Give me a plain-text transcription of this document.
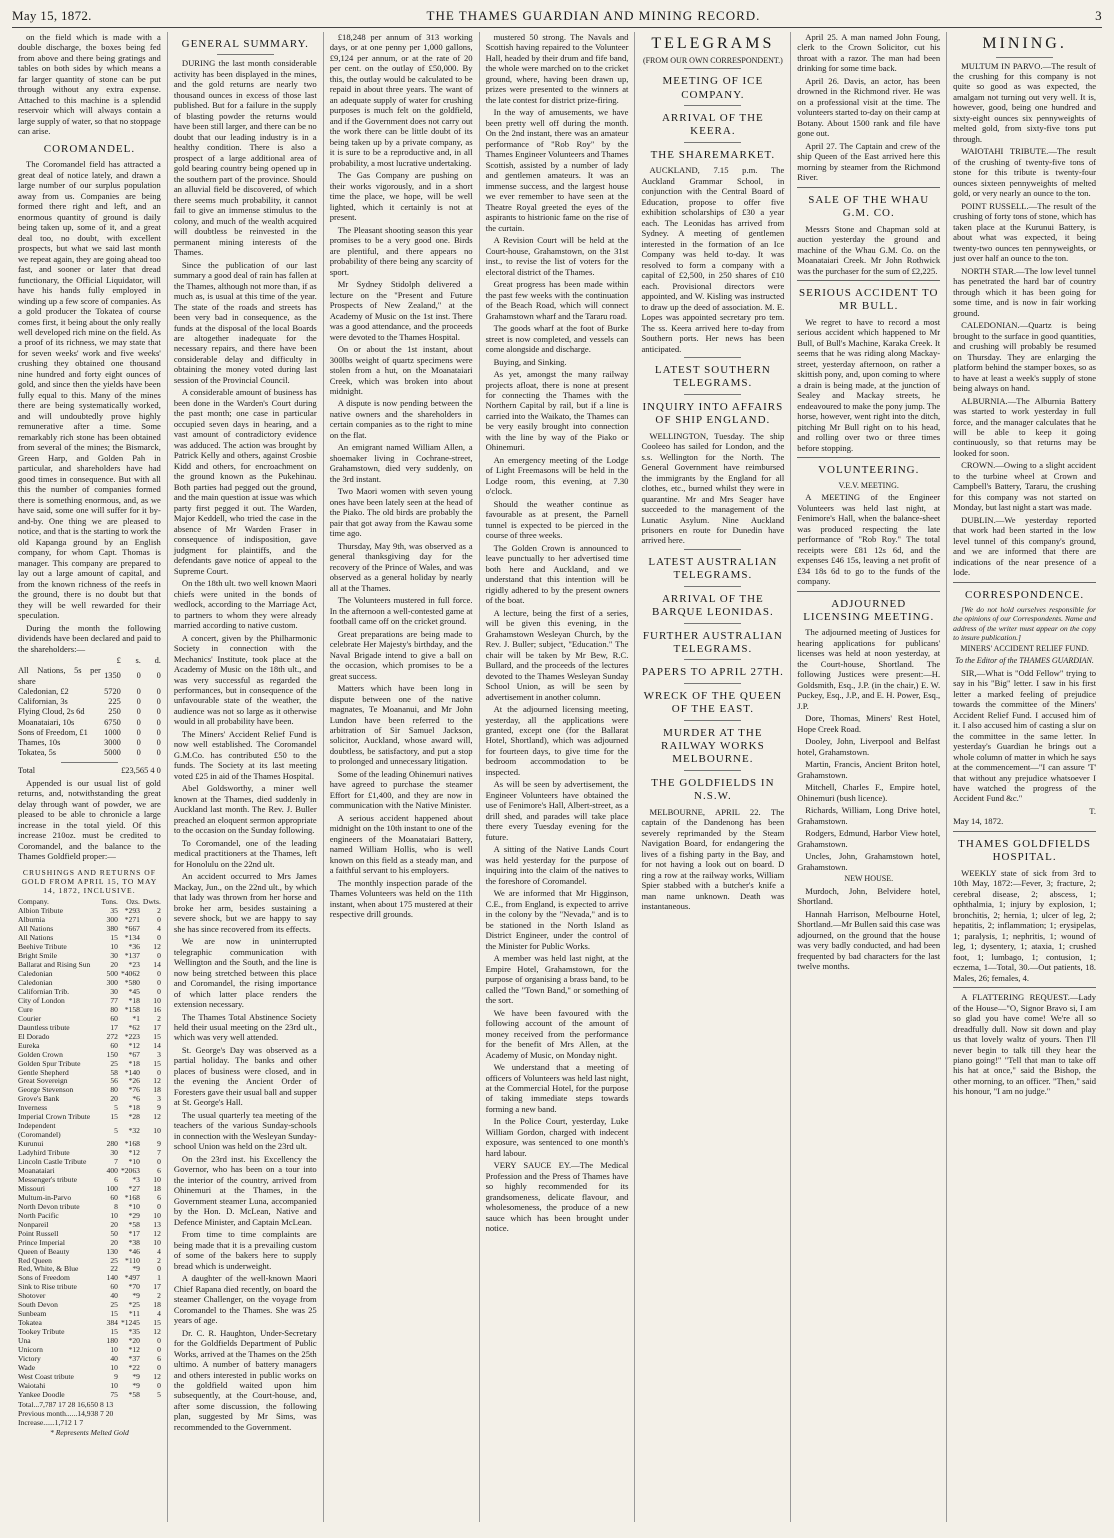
May 15, 1872.	THE THAMES GUARDIAN AND MINING RECORD.	3

on the field which is made with a double discharge, the boxes being fed from above and there being gratings and tables on both sides by which means a far larger quantity of stone can be put through without any extra expense. Attached to this machine is a splendid reservoir which will always contain a large supply of water, so that no stoppage can arise.

COROMANDEL.

The Coromandel field has attracted a great deal of notice lately, and drawn a large number of our surplus population away from us. Companies are being formed there right and left, and an enormous quantity of ground is daily being taken up, some of it, and a great deal too, no doubt, with excellent prospects, but what we said last month we repeat again, they are going ahead too fast, and sooner or later that dread functionary, the Official Liquidator, will have his hands fully employed in winding up a few score of companies. As a gold producer the Tokatea of course comes first, it being about the only really well developed rich mine on the field. As a proof of its richness, we may state that for seven weeks' work and five weeks' crushing they obtained one thousand nine hundred and forty eight ounces of gold, and since then the yields have been fully equal to this. Many of the mines there are being systematically worked, and will undoubtedly prove highly remunerative after a time. Some remarkably rich stone has been obtained from several of the mines; the Bismarck, Green Harp, and Golden Pah in particular, and shareholders have had good times in consequence. But with all this the number of companies formed there is something enormous, and, as we have said, some one will suffer for it by-and-by. One thing we are pleased to notice, and that is the starting to work the old Kapanga ground by an English company, for whom Capt. Thomas is manager. This company are prepared to lay out a large amount of capital, and from the known richness of the reefs in the ground, there is no doubt but that they will be well rewarded for their speculation.

During the month the following dividends have been declared and paid to the shareholders:—

	£	s.	d.
All Nations, 5s per share	1350	0	0
Caledonian, £2	5720	0	0
Californian, 3s	225	0	0
Flying Cloud, 2s 6d	250	0	0
Moanataiari, 10s	6750	0	0
Sons of Freedom, £1	1000	0	0
Thames, 10s	3000	0	0
Tokatea, 5s	5000	0	0
Total	£23,565 4 0

Appended is our usual list of gold returns, and, notwithstanding the great delay through want of powder, we are pleased to be able to chronicle a large increase in the total yield. Of this increase 210oz. must be credited to Coromandel, and the balance to the Thames Goldfield proper:—

CRUSHINGS AND RETURNS OF GOLD FROM APRIL 15, TO MAY 14, 1872, INCLUSIVE.
Company.	Tons.	Ozs.	Dwts.
Albion Tribute	35	*293	2
Alburnia	300	*271	0
All Nations	380	*667	4
All Nations	15	*134	0
Beehive Tribute	10	*36	12
Bright Smile	30	*137	0
Ballarat and Rising Sun	20	*23	14
Caledonian	500	*4062	0
Caledonian	300	*580	0
Californian Trib.	30	*45	0
City of London	77	*18	10
Cure	80	*158	16
Courier	60	*1	2
Dauntless tribute	17	*62	17
El Dorado	272	*223	15
Eureka	60	*12	14
Golden Crown	150	*67	3
Golden Spur Tribute	25	*18	15
Gentle Shepherd	58	*140	0
Great Sovereign	56	*26	12
George Stevenson	80	*76	18
Grove's Bank	20	*6	3
Inverness	5	*18	9
Imperial Crown Tribute	15	*28	12
Independent (Coromandel)	5	*32	10
Kurunui	280	*168	9
Ladyhird Tribute	30	*12	7
Lincoln Castle Tribute	7	*10	0
Moanataiari	400	*2063	6
Messenger's tribute	6	*3	10
Missouri	100	*27	18
Multum-in-Parvo	60	*168	6
North Devon tribute	8	*10	0
North Pacific	10	*29	10
Nonpareil	20	*58	13
Point Russell	50	*17	12
Prince Imperial	20	*38	10
Queen of Beauty	130	*46	4
Red Queen	25	*110	2
Red, White, & Blue	22	*9	0
Sons of Freedom	140	*497	1
Sink to Rise tribute	60	*70	17
Shotover	40	*9	2
South Devon	25	*25	18
Sunbeam	15	*11	4
Tokatea	384	*1245	15
Tookey Tribute	15	*35	12
Una	180	*20	0
Unicorn	10	*12	0
Victory	40	*37	6
Wade	10	*22	0
West Coast tribute	9	*9	12
Waiotahi	10	*9	0
Yankee Doodle	75	*58	5
Total...7,787 17 28 16,650 8 13
Previous month......14,938 7 20
Increase......1,712 1 7
* Represents Melted Gold
GENERAL SUMMARY.

DURING the last month considerable activity has been displayed in the mines, and the gold returns are nearly two thousand ounces in excess of those last published. But for a failure in the supply of blasting powder the returns would have been still larger, and there can be no doubt that our leading industry is in a healthy condition. There is also a prospect of a large additional area of gold bearing country being opened up in the southern part of the province. Should an alluvial field be discovered, of which there seems much probability, it cannot fail to give an immense stimulus to the colony, and much of the wealth acquired will doubtless be reinvested in the permanent mining interests of the Thames.

Since the publication of our last summary a good deal of rain has fallen at the Thames, although not more than, if as much as, is usual at this time of the year. The state of the roads and streets has been very bad in consequence, as the funds at the disposal of the local Boards are altogether inadequate for the necessary repairs, and there have been considerable delay and difficulty in obtaining the money voted during last session of the Provincial Council.

A considerable amount of business has been done in the Warden's Court during the past month; one case in particular occupied seven days in hearing, and a vast amount of contradictory evidence was adduced. The action was brought by Patrick Kelly and others, against Crosbie Kidd and others, for encroachment on the ground known as the Pukehinau. Both parties had pegged out the ground, and the main question at issue was which party first pegged it out. The Warden, Major Keddell, who tried the case in the absence of Mr Warden Fraser in consequence of indisposition, gave judgment for plaintiffs, and the defendants gave notice of appeal to the Supreme Court.

On the 18th ult. two well known Maori chiefs were united in the bonds of wedlock, according to the Marriage Act, to partners to whom they were already married according to native custom.

A concert, given by the Philharmonic Society in connection with the Mechanics' Institute, took place at the Academy of Music on the 18th ult., and was very successful as regarded the performances, but in consequence of the unfavourable state of the weather, the audience was not so large as it otherwise would in all probability have been.

The Miners' Accident Relief Fund is now well established. The Coromandel G.M.Co. has contributed £50 to the funds. The Society at its last meeting voted £25 in aid of the Thames Hospital.

Abel Goldsworthy, a miner well known at the Thames, died suddenly in Auckland last month. The Rev. J. Buller preached an eloquent sermon appropriate to the occasion on the Sunday following.

To Coromandel, one of the leading medical practitioners at the Thames, left for Honolulu on the 22nd ult.

An accident occurred to Mrs James Mackay, Jun., on the 22nd ult., by which that lady was thrown from her horse and broke her arm, besides sustaining a severe shock, but we are happy to say she has since recovered from its effects.

We are now in uninterrupted telegraphic communication with Wellington and the South, and the line is now being stretched between this place and Coromandel, the rising importance of which latter place renders the extension necessary.

The Thames Total Abstinence Society held their usual meeting on the 23rd ult., which was very well attended.

St. George's Day was observed as a partial holiday. The banks and other places of business were closed, and in the evening the Ancient Order of Foresters gave their usual ball and supper at St. George's Hall.

The usual quarterly tea meeting of the teachers of the various Sunday-schools in connection with the Wesleyan Sunday-school Union was held on the 23rd ult.

On the 23rd inst. his Excellency the Governor, who has been on a tour into the interior of the country, arrived from Ohinemuri at the Thames, in the Government steamer Luna, accompanied by the Hon. D. McLean, Native and Defence Minister, and Captain McLean.

From time to time complaints are being made that it is a prevailing custom of some of the bakers here to supply bread which is underweight.

A daughter of the well-known Maori Chief Rapana died recently, on board the steamer Challenger, on the voyage from Coromandel to the Thames. She was 25 years of age.

Dr. C. R. Haughton, Under-Secretary for the Goldfields Department of Public Works, arrived at the Thames on the 25th ultimo. A number of battery managers and others interested in public works on the goldfield waited upon him subsequently, at the Court-house, and, after some discussion, the following plan, suggested by Mr Sims, was recommended to the Government.

£18,248 per annum of 313 working days, or at one penny per 1,000 gallons, £9,124 per annum, or at the rate of 20 per cent. on the outlay of £50,000. By this, the outlay would be calculated to be repaid in about three years. The want of an adequate supply of water for crushing purposes is much felt on the goldfield, and if the Government does not carry out the work there can be little doubt of its being taken up by a private company, as it is sure to be a reproductive and, in all probability, a most lucrative undertaking.

The Gas Company are pushing on their works vigorously, and in a short time the place, we hope, will be well lighted, which it certainly is not at present.

The Pleasant shooting season this year promises to be a very good one. Birds are plentiful, and there appears no probability of there being any scarcity of sport.

Mr Sydney Stidolph delivered a lecture on the "Present and Future Prospects of New Zealand," at the Academy of Music on the 1st inst. There was a good attendance, and the proceeds were devoted to the Thames Hospital.

On or about the 1st instant, about 300lbs weight of quartz specimens were stolen from a hut, on the Moanataiari Creek, which was broken into about midnight.

A dispute is now pending between the native owners and the shareholders in certain companies as to the right to mine on the flat.

An emigrant named William Allen, a shoemaker living in Cochrane-street, Grahamstown, died very suddenly, on the 3rd instant.

Two Maori women with seven young ones have been lately seen at the head of the Piako. The old birds are probably the pair that got away from the Kawau some time ago.

Thursday, May 9th, was observed as a general thanksgiving day for the recovery of the Prince of Wales, and was observed as a general holiday by nearly all at the Thames.

The Volunteers mustered in full force. In the afternoon a well-contested game at football came off on the cricket ground.

Great preparations are being made to celebrate Her Majesty's birthday, and the Naval Brigade intend to give a ball on the occasion, which promises to be a great success.

Matters which have been long in dispute between one of the native magnates, Te Moananui, and Mr John Lundon have been referred to the arbitration of Sir Samuel Jackson, solicitor, Auckland, whose award will, doubtless, be satisfactory, and put a stop to prolonged and unnecessary litigation.

Some of the leading Ohinemuri natives have agreed to purchase the steamer Effort for £1,400, and they are now in communication with the Native Minister.

A serious accident happened about midnight on the 10th instant to one of the engineers of the Moanataiari Battery, named William Hollis, who is well known on this field as a steady man, and a faithful servant to his employers.

The monthly inspection parade of the Thames Volunteers was held on the 11th instant, when about 175 mustered at their respective drill grounds.

mustered 50 strong. The Navals and Scottish having repaired to the Volunteer Hall, headed by their drum and fife band, the whole were marched on to the cricket ground, where, having been drawn up, prizes were presented to the winners at the late contest for district prize-firing.

In the way of amusements, we have been pretty well off during the month. On the 2nd instant, there was an amateur performance of "Rob Roy" by the Thames Engineer Volunteers and Thames Scottish, assisted by a number of lady and gentlemen amateurs. It was an immense success, and the largest house we ever remember to have seen at the Theatre Royal greeted the eyes of the aspirants to histrionic fame on the rise of the curtain.

A Revision Court will be held at the Court-house, Grahamstown, on the 31st inst., to revise the list of voters for the electoral district of the Thames.

Great progress has been made within the past few weeks with the continuation of the Beach Road, which will connect Grahamstown wharf and the Tararu road.

The goods wharf at the foot of Burke street is now completed, and vessels can come alongside and discharge.

Buying, and Sinking.

As yet, amongst the many railway projects afloat, there is none at present for connecting the Thames with the Northern Capital by rail, but if a line is carried into the Waikato, the Thames can be very easily brought into connection with the line by way of the Piako or Ohinemuri.

An emergency meeting of the Lodge of Light Freemasons will be held in the Lodge room, this evening, at 7.30 o'clock.

Should the weather continue as favourable as at present, the Parnell tunnel is expected to be pierced in the course of three weeks.

The Golden Crown is announced to leave punctually to her advertised time both here and Auckland, and we understand that this intention will be rigidly adhered to by the present owners of the boat.

A lecture, being the first of a series, will be given this evening, in the Grahamstown Wesleyan Church, by the Rev. J. Buller; subject, "Education." The chair will be taken by Mr Bew, R.C. Bullard, and the proceeds of the lectures devoted to the Thames Wesleyan Sunday School Union, as will be seen by advertisement in another column.

At the adjourned licensing meeting, yesterday, all the applications were granted, except one (for the Ballarat Hotel, Shortland), which was adjourned for fourteen days, to give time for the bedroom accommodation to be inspected.

As will be seen by advertisement, the Engineer Volunteers have obtained the use of Fenimore's Hall, Albert-street, as a drill shed, and parades will take place there every Tuesday evening for the future.

A sitting of the Native Lands Court was held yesterday for the purpose of inquiring into the claim of the natives to the foreshore of Coromandel.

We are informed that Mr Higginson, C.E., from England, is expected to arrive in the colony by the "Nevada," and is to be stationed in the North Island as District Engineer, under the control of the Minister for Public Works.

A member was held last night, at the Empire Hotel, Grahamstown, for the purpose of organising a brass band, to be called the "Town Band," or something of the sort.

We have been favoured with the following account of the amount of money received from the performance for the benefit of Mrs Allen, at the Academy of Music, on Monday night.

We understand that a meeting of officers of Volunteers was held last night, at the Commercial Hotel, for the purpose of taking immediate steps towards forming a new band.

In the Police Court, yesterday, Luke William Gordon, charged with indecent exposure, was sentenced to one month's hard labour.

VERY SAUCE EY.—The Medical Profession and the Press of Thames have so highly recommended for its grandsomeness, delicate flavour, and wholesomeness, the produce of a new sauce which has been brought under notice.

TELEGRAMS
(FROM OUR OWN CORRESPONDENT.)
MEETING OF ICE COMPANY.
ARRIVAL OF THE KEERA.
THE SHAREMARKET.

AUCKLAND, 7.15 p.m. The Auckland Grammar School, in conjunction with the Central Board of Education, propose to offer five exhibition scholarships of £30 a year each. The Leonidas has arrived from Sydney. A meeting of gentlemen interested in the formation of an Ice Company was held to-day. It was resolved to form a company with a capital of £2,500, in 250 shares of £10 each. Provisional directors were appointed, and W. Kisling was instructed to draw up the deed of association. M. E. Lopes was appointed secretary pro tem. The ss. Keera arrived here to-day from Southern ports. Her news has been anticipated.

LATEST SOUTHERN TELEGRAMS.
INQUIRY INTO AFFAIRS OF SHIP ENGLAND.

WELLINGTON, Tuesday. The ship Cooleeo has sailed for London, and the s.s. Wellington for the North. The General Government have reimbursed the immigrants by the England for all clothes, etc., burned whilst they were in quarantine. Mr and Mrs Seager have succeeded to the management of the Lunatic Asylum. Nine Auckland prisoners en route for Dunedin have arrived here.

LATEST AUSTRALIAN TELEGRAMS.
ARRIVAL OF THE BARQUE LEONIDAS.
FURTHER AUSTRALIAN TELEGRAMS.
PAPERS TO APRIL 27TH.
WRECK OF THE QUEEN OF THE EAST.
MURDER AT THE RAILWAY WORKS MELBOURNE.
THE GOLDFIELDS IN N.S.W.

MELBOURNE, APRIL 22. The captain of the Dandenong has been severely reprimanded by the Steam Navigation Board, for endangering the lives of a fishing party in the Bay, and for not having a look out on board. D ring a row at the railway works, William Spier stabbed with a butcher's knife a man name unknown. Death was instantaneous.

April 25. A man named John Foung, clerk to the Crown Solicitor, cut his throat with a razor. The man had been drinking for some time back.

April 26. Davis, an actor, has been drowned in the Richmond river. He was on a professional visit at the time. The volunteers started to-day on their camp at Botany. About 1500 rank and file have gone out.

April 27. The Captain and crew of the ship Queen of the East arrived here this morning by steamer from the Richmond River.

SALE OF THE WHAU G.M. CO.

Messrs Stone and Chapman sold at auction yesterday the ground and machine of the Whau G.M. Co. on the Moanataiari Creek. Mr John Rothwick was the purchaser for the sum of £2,225.

SERIOUS ACCIDENT TO MR BULL.

We regret to have to record a most serious accident which happened to Mr Bull, of Bull's Machine, Karaka Creek. It seems that he was riding along Mackay-street, yesterday afternoon, on rather a skittish pony, and, upon coming to where a drain is being made, at the junction of Sealey and Mackay streets, he endeavoured to make the pony jump. The horse, however, went right into the ditch, pitching Mr Bull right on to his head, and rolling over two or three times before stopping.

VOLUNTEERING.
V.E.V. MEETING.

A MEETING of the Engineer Volunteers was held last night, at Fenimore's Hall, when the balance-sheet was produced respecting the late performance of "Rob Roy." The total receipts were £81 12s 6d, and the expenses £46 15s, leaving a net profit of £34 18s 6d to go to the funds of the company.

ADJOURNED LICENSING MEETING.

The adjourned meeting of Justices for hearing applications for publicans' licenses was held at noon yesterday, at the Court-house, Shortland. The following Justices were present:—H. Goldsmith, Esq., J.P. (in the chair,) E. W. Puckey, Esq., J.P., and E. H. Power, Esq., J.P.

Dore, Thomas, Miners' Rest Hotel, Hope Creek Road.

Dooley, John, Liverpool and Belfast hotel, Grahamstown.

Martin, Francis, Ancient Briton hotel, Grahamstown.

Mitchell, Charles F., Empire hotel, Ohinemuri (bush licence).

Richards, William, Long Drive hotel, Grahamstown.

Rodgers, Edmund, Harbor View hotel, Grahamstown.

Uncles, John, Grahamstown hotel, Grahamstown.

NEW HOUSE.

Murdoch, John, Belvidere hotel, Shortland.

Hannah Harrison, Melbourne Hotel, Shortland.—Mr Bullen said this case was adjourned, on the ground that the house was very badly conducted, and had been frequented by bad characters for the last twelve months.

MINING.

MULTUM IN PARVO.—The result of the crushing for this company is not quite so good as was expected, the amalgam not turning out very well. It is, however, good, being one hundred and sixty-eight ounces six pennyweights of melted gold, from sixty-five tons put through.

WAIOTAHI TRIBUTE.—The result of the crushing of twenty-five tons of stone for this tribute is twenty-four ounces sixteen pennyweights of melted gold, or very nearly an ounce to the ton.

POINT RUSSELL.—The result of the crushing of forty tons of stone, which has taken place at the Kurunui Battery, is about what was expected, it being twenty-two ounces ten pennyweights, or just over half an ounce to the ton.

NORTH STAR.—The low level tunnel has penetrated the hard bar of country through which it has been going for some time, and is now in fair working ground.

CALEDONIAN.—Quartz is being brought to the surface in good quantities, and crushing will probably be resumed on Thursday. They are enlarging the platform behind the stamper boxes, so as to have at least a week's supply of stone being always on hand.

ALBURNIA.—The Alburnia Battery was started to work yesterday in full force, and the manager calculates that he will be able to keep it going continuously, so that returns may be looked for soon.

CROWN.—Owing to a slight accident to the turbine wheel at Crown and Campbell's Battery, Tararu, the crushing for this company was not started on Monday, but last night a start was made.

DUBLIN.—We yesterday reported that work had been started in the low level tunnel of this company's ground, and we are informed that there are indications of the near presence of a lode.

CORRESPONDENCE.

[We do not hold ourselves responsible for the opinions of our Correspondents. Name and address of the writer must appear on the copy to insure publication.]

MINERS' ACCIDENT RELIEF FUND.
To the Editor of the THAMES GUARDIAN.

SIR,—What is "Odd Fellow" trying to say in his "Big" letter. I saw in his first letter a marked feeling of prejudice towards the committee of the Miners' Accident Relief Fund. I accused him of it. I also accused him of casting a slur on the committee in the same letter. In yesterday's Guardian he brings out a whole column of matter in which he says at the commencement—"I can assure 'T' that without any prejudice whatsoever I have watched the progress of the Accident Fund &c."

T.
May 14, 1872.
THAMES GOLDFIELDS HOSPITAL.

WEEKLY state of sick from 3rd to 10th May, 1872:—Fever, 3; fracture, 2; cerebral disease, 2; abscess, 1; ophthalmia, 1; injury by explosion, 1; bronchitis, 2; hernia, 1; ulcer of leg, 2; hepatitis, 2; inflammation; 1; erysipelas, 1; paralysis, 1; nephritis, 1; wound of leg, 1; dysentery, 1; ataxia, 1; crushed foot, 1; lumbago, 1; contusion, 1; eczema, 1—Total, 30.—Out patients, 18. Males, 26; females, 4.

A FLATTERING REQUEST.—Lady of the House—"O, Signor Bravo si, I am so glad you have come! We're all so dreadfully dull. Now sit down and play us that lovely waltz of yours. Then I'll never begin to talk till they hear the piano going!" "Tell that man to take off his hat at once," said the Bishop, the other morning, to an officer. "Then," said his honour, "I am no judge."
